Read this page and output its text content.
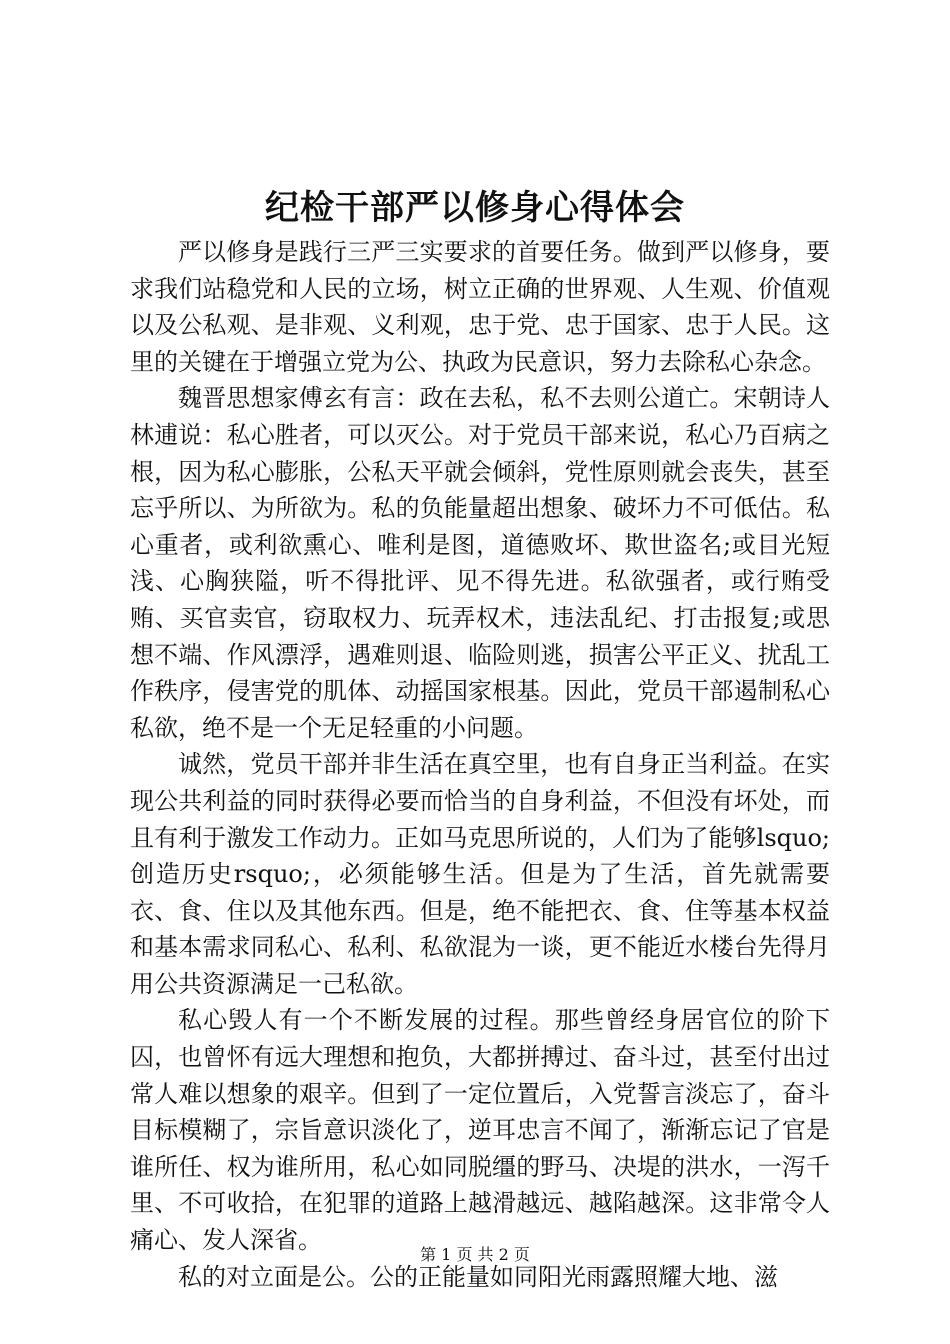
纪检干部严以修身心得体会

严以修身是践行三严三实要求的首要任务。做到严以修身，要求我们站稳党和人民的立场，树立正确的世界观、人生观、价值观以及公私观、是非观、义利观，忠于党、忠于国家、忠于人民。这里的关键在于增强立党为公、执政为民意识，努力去除私心杂念。

魏晋思想家傅玄有言：政在去私，私不去则公道亡。宋朝诗人林逋说：私心胜者，可以灭公。对于党员干部来说，私心乃百病之根，因为私心膨胀，公私天平就会倾斜，党性原则就会丧失，甚至忘乎所以、为所欲为。私的负能量超出想象、破坏力不可低估。私心重者，或利欲熏心、唯利是图，道德败坏、欺世盗名;或目光短浅、心胸狭隘，听不得批评、见不得先进。私欲强者，或行贿受贿、买官卖官，窃取权力、玩弄权术，违法乱纪、打击报复;或思想不端、作风漂浮，遇难则退、临险则逃，损害公平正义、扰乱工作秩序，侵害党的肌体、动摇国家根基。因此，党员干部遏制私心私欲，绝不是一个无足轻重的小问题。

诚然，党员干部并非生活在真空里，也有自身正当利益。在实现公共利益的同时获得必要而恰当的自身利益，不但没有坏处，而且有利于激发工作动力。正如马克思所说的，人们为了能够lsquo;创造历史rsquo;，必须能够生活。但是为了生活，首先就需要衣、食、住以及其他东西。但是，绝不能把衣、食、住等基本权益和基本需求同私心、私利、私欲混为一谈，更不能近水楼台先得月用公共资源满足一己私欲。

私心毁人有一个不断发展的过程。那些曾经身居官位的阶下囚，也曾怀有远大理想和抱负，大都拼搏过、奋斗过，甚至付出过常人难以想象的艰辛。但到了一定位置后，入党誓言淡忘了，奋斗目标模糊了，宗旨意识淡化了，逆耳忠言不闻了，渐渐忘记了官是谁所任、权为谁所用，私心如同脱缰的野马、决堤的洪水，一泻千里、不可收拾，在犯罪的道路上越滑越远、越陷越深。这非常令人痛心、发人深省。

私的对立面是公。公的正能量如同阳光雨露照耀大地、滋

第 1 页 共 2 页
